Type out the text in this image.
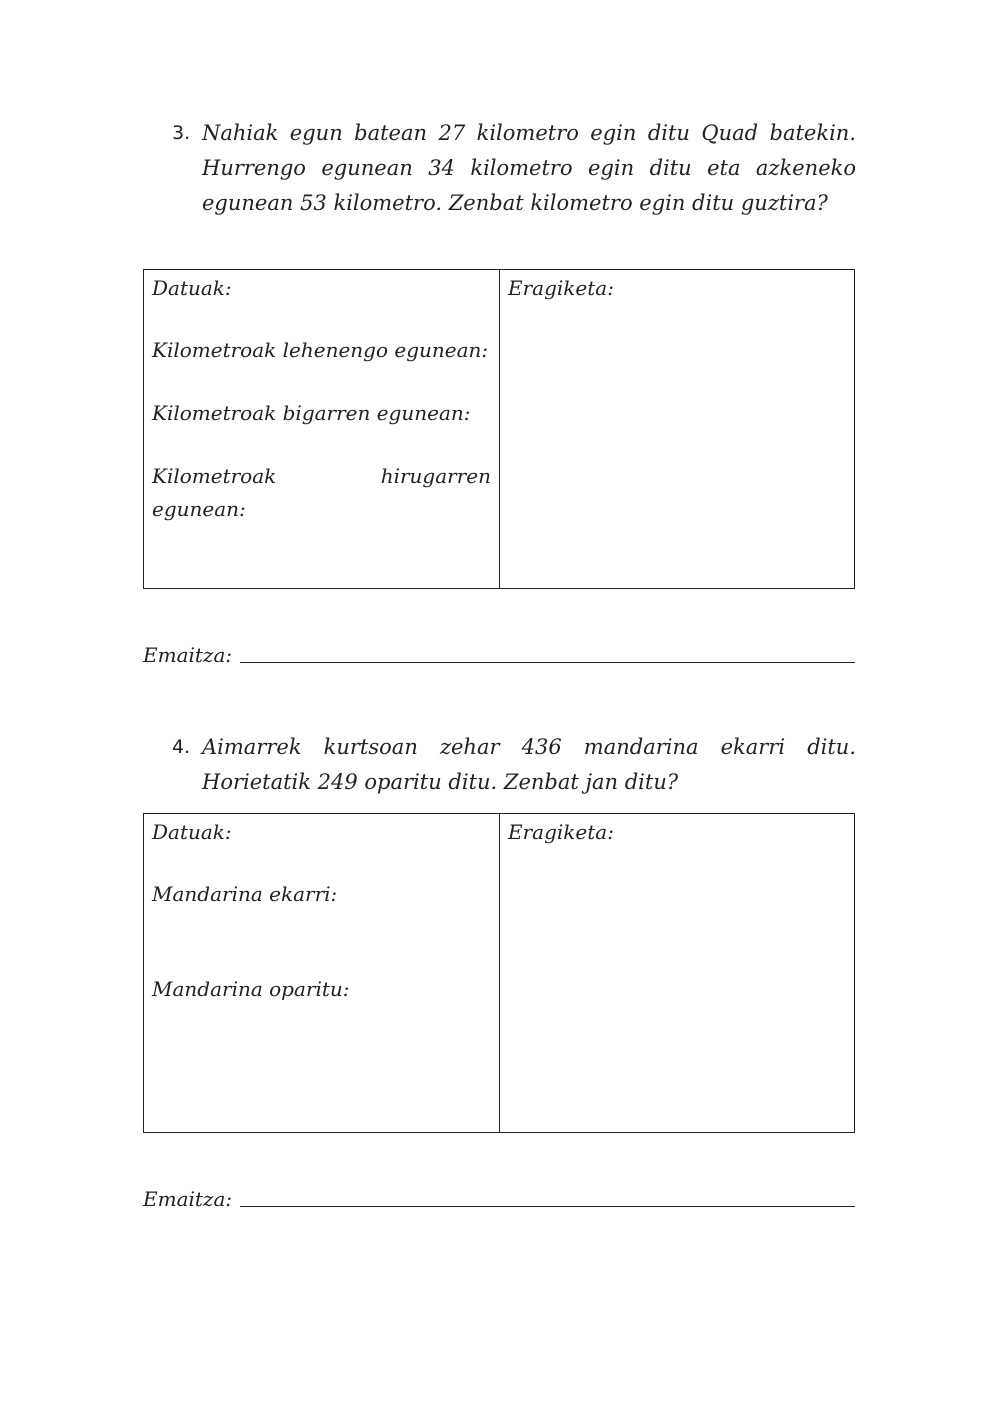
3. Nahiak egun batean 27 kilometro egin ditu Quad batekin. Hurrengo egunean 34 kilometro egin ditu eta azkeneko egunean 53 kilometro. Zenbat kilometro egin ditu guztira?
Datuak:
Kilometroak lehenengo egunean:
Kilometroak bigarren egunean:
Kilometroak hirugarren egunean:
Eragiketa:
Emaitza:
4. Aimarrek kurtsoan zehar 436 mandarina ekarri ditu. Horietatik 249 oparitu ditu. Zenbat jan ditu?
Datuak:
Mandarina ekarri:
Mandarina oparitu:
Eragiketa:
Emaitza:
